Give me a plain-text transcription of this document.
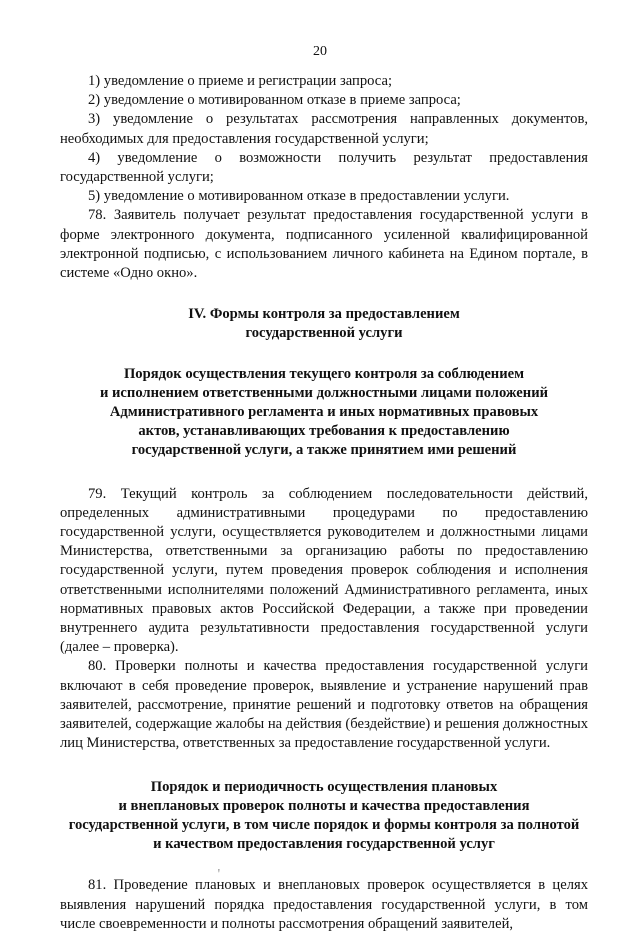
20

1) уведомление о приеме и регистрации запроса;

2) уведомление о мотивированном отказе в приеме запроса;

3) уведомление о результатах рассмотрения направленных документов, необходимых для предоставления государственной услуги;

4) уведомление о возможности получить результат предоставления государственной услуги;

5) уведомление о мотивированном отказе в предоставлении услуги.

78. Заявитель получает результат предоставления государственной услуги в форме электронного документа, подписанного усиленной квалифицированной электронной подписью, с использованием личного кабинета на Едином портале, в системе «Одно окно».

IV. Формы контроля за предоставлением

государственной услуги

Порядок осуществления текущего контроля за соблюдением

и исполнением ответственными должностными лицами положений

Административного регламента и иных нормативных правовых

актов, устанавливающих требования к предоставлению

государственной услуги, а также принятием ими решений

79. Текущий контроль за соблюдением последовательности действий, определенных административными процедурами по предоставлению государственной услуги, осуществляется руководителем и должностными лицами Министерства, ответственными за организацию работы по предоставлению государственной услуги, путем проведения проверок соблюдения и исполнения ответственными исполнителями положений Административного регламента, иных нормативных правовых актов Российской Федерации, а также при проведении внутреннего аудита результативности предоставления государственной услуги (далее – проверка).

80. Проверки полноты и качества предоставления государственной услуги включают в себя проведение проверок, выявление и устранение нарушений прав заявителей, рассмотрение, принятие решений и подготовку ответов на обращения заявителей, содержащие жалобы на действия (бездействие) и решения должностных лиц Министерства, ответственных за предоставление государственной услуги.

Порядок и периодичность осуществления плановых

и внеплановых проверок полноты и качества предоставления

государственной услуги, в том числе порядок и формы контроля за полнотой

и качеством предоставления государственной услуг

81. Проведение плановых и внеплановых проверок осуществляется в целях выявления нарушений порядка предоставления государственной услуги, в том числе своевременности и полноты рассмотрения обращений заявителей,

ꞌ
